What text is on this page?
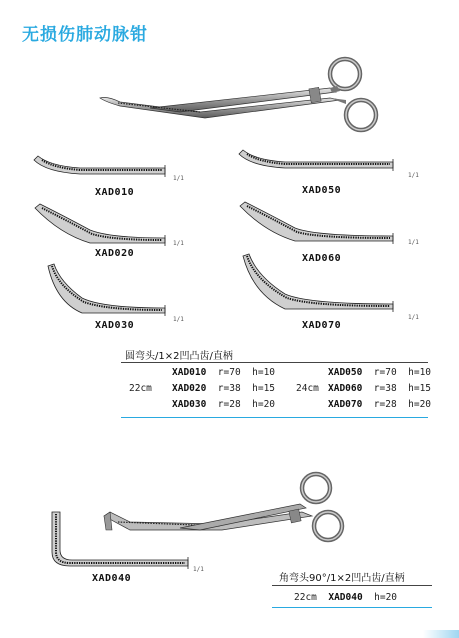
无损伤肺动脉钳
1/1
1/1
1/1
1/1
1/1
1/1
XAD010
XAD020
XAD030
XAD050
XAD060
XAD070
圆弯头/1×2凹凸齿/直柄
22cm
XAD010 r=70 h=10
XAD020 r=38 h=15
XAD030 r=28 h=20
24cm
XAD050 r=70 h=10
XAD060 r=38 h=15
XAD070 r=28 h=20
1/1
XAD040	角弯头90°/1×2凹凸齿/直柄
22cm XAD040 h=20
